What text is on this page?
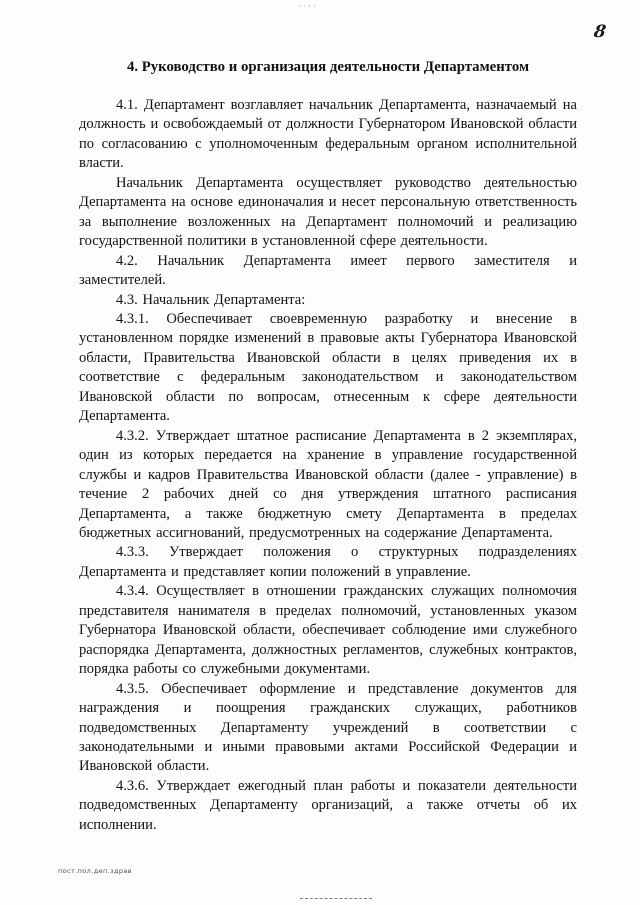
····
8
4. Руководство и организация деятельности Департаментом

4.1. Департамент возглавляет начальник Департамента, назначаемый на должность и освобождаемый от должности Губернатором Ивановской области по согласованию с уполномоченным федеральным органом исполнительной власти.

Начальник Департамента осуществляет руководство деятельностью Департамента на основе единоначалия и несет персональную ответственность за выполнение возложенных на Департамент полномочий и реализацию государственной политики в установленной сфере деятельности.

4.2. Начальник Департамента имеет первого заместителя и заместителей.

4.3. Начальник Департамента:

4.3.1. Обеспечивает своевременную разработку и внесение в установленном порядке изменений в правовые акты Губернатора Ивановской области, Правительства Ивановской области в целях приведения их в соответствие с федеральным законодательством и законодательством Ивановской области по вопросам, отнесенным к сфере деятельности Департамента.

4.3.2. Утверждает штатное расписание Департамента в 2 экземплярах, один из которых передается на хранение в управление государственной службы и кадров Правительства Ивановской области (далее - управление) в течение 2 рабочих дней со дня утверждения штатного расписания Департамента, а также бюджетную смету Департамента в пределах бюджетных ассигнований, предусмотренных на содержание Департамента.

4.3.3. Утверждает положения о структурных подразделениях Департамента и представляет копии положений в управление.

4.3.4. Осуществляет в отношении гражданских служащих полномочия представителя нанимателя в пределах полномочий, установленных указом Губернатора Ивановской области, обеспечивает соблюдение ими служебного распорядка Департамента, должностных регламентов, служебных контрактов, порядка работы со служебными документами.

4.3.5. Обеспечивает оформление и представление документов для награждения и поощрения гражданских служащих, работников подведомственных Департаменту учреждений в соответствии с законодательными и иными правовыми актами Российской Федерации и Ивановской области.

4.3.6. Утверждает ежегодный план работы и показатели деятельности подведомственных Департаменту организаций, а также отчеты об их исполнении.

пост.пол.деп.здрав
